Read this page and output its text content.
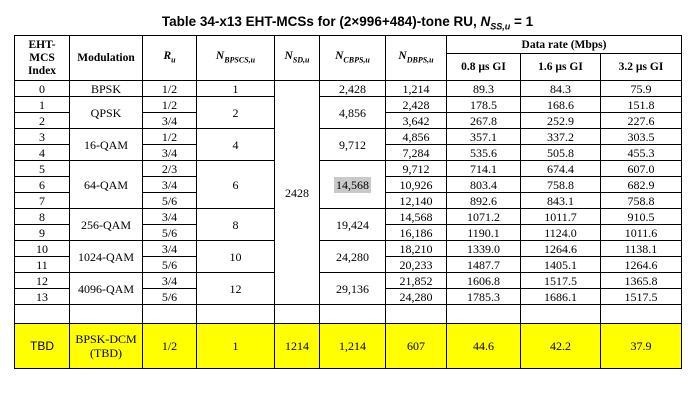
Table 34-x13 EHT-MCSs for (2×996+484)-tone RU, $N_{SS,u} = 1$
EHT-MCS Index	Modulation	$R_u$	$N_{BPSCS,u}$	$N_{SD,u}$	$N_{CBPS,u}$	$N_{DBPS,u}$	Data rate (Mbps)		
							0.8 µs GI	1.6 µs GI	3.2 µs GI
0	BPSK	1/2	1	2428	2,428	1,214	89.3	84.3	75.9
1	QPSK	1/2	2		4,856	2,428	178.5	168.6	151.8
2		3/4				3,642	267.8	252.9	227.6
3	16-QAM	1/2	4		9,712	4,856	357.1	337.2	303.5
4		3/4				7,284	535.6	505.8	455.3
5	64-QAM	2/3	6		14,568	9,712	714.1	674.4	607.0
6		3/4				10,926	803.4	758.8	682.9
7		5/6				12,140	892.6	843.1	758.8
8	256-QAM	3/4	8		19,424	14,568	1071.2	1011.7	910.5
9		5/6				16,186	1190.1	1124.0	1011.6
10	1024-QAM	3/4	10		24,280	18,210	1339.0	1264.6	1138.1
11		5/6				20,233	1487.7	1405.1	1264.6
12	4096-QAM	3/4	12		29,136	21,852	1606.8	1517.5	1365.8
13		5/6				24,280	1785.3	1686.1	1517.5

TBD	BPSK-DCM (TBD)	1/2	1	1214	1,214	607	44.6	42.2	37.9
